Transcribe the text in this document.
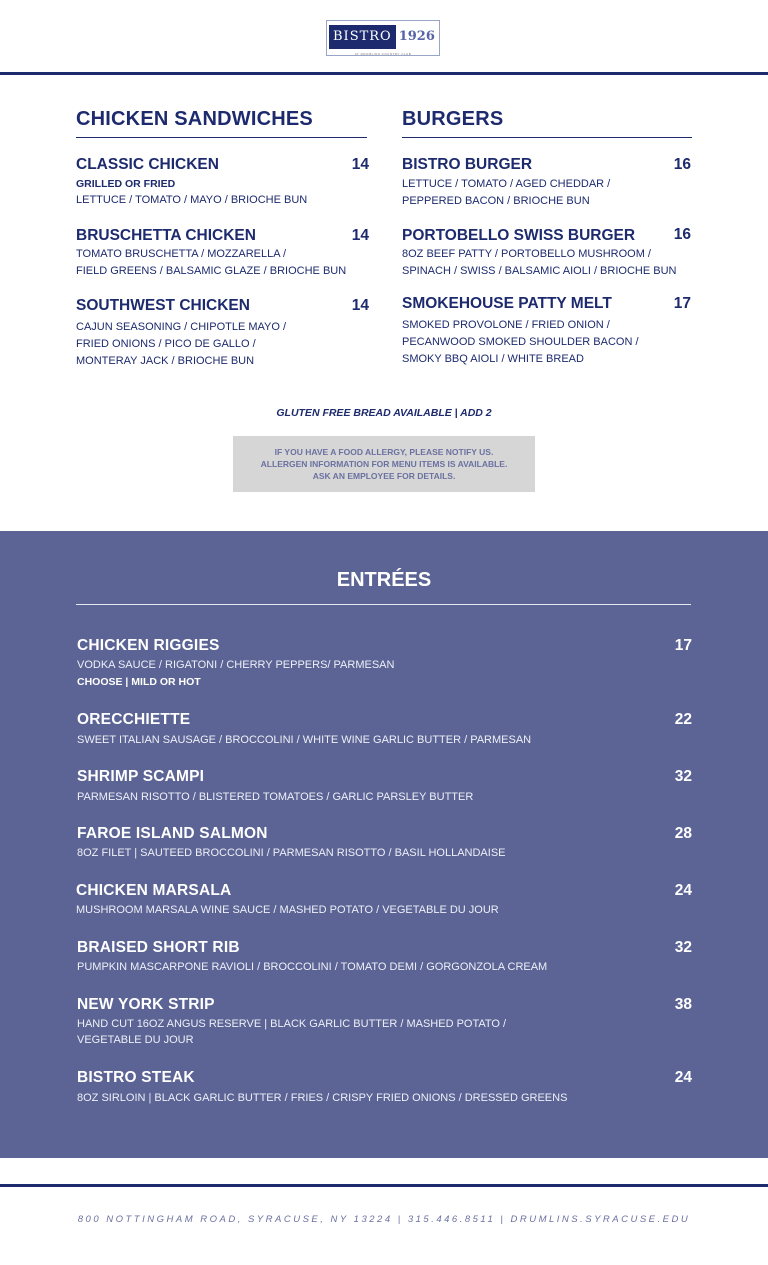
BISTRO 1926
AT DRUMLINS COUNTRY CLUB
CHICKEN SANDWICHES
CLASSIC CHICKEN	14
GRILLED OR FRIED
LETTUCE / TOMATO / MAYO / BRIOCHE BUN
BRUSCHETTA CHICKEN	14
TOMATO BRUSCHETTA / MOZZARELLA /
FIELD GREENS / BALSAMIC GLAZE / BRIOCHE BUN
SOUTHWEST CHICKEN	14
CAJUN SEASONING / CHIPOTLE MAYO /
FRIED ONIONS / PICO DE GALLO /
MONTERAY JACK / BRIOCHE BUN
BURGERS
BISTRO BURGER	16
LETTUCE / TOMATO / AGED CHEDDAR /
PEPPERED BACON / BRIOCHE BUN
PORTOBELLO SWISS BURGER	16
8OZ BEEF PATTY / PORTOBELLO MUSHROOM /
SPINACH / SWISS / BALSAMIC AIOLI / BRIOCHE BUN
SMOKEHOUSE PATTY MELT	17
SMOKED PROVOLONE / FRIED ONION /
PECANWOOD SMOKED SHOULDER BACON /
SMOKY BBQ AIOLI / WHITE BREAD
GLUTEN FREE BREAD AVAILABLE | ADD 2
IF YOU HAVE A FOOD ALLERGY, PLEASE NOTIFY US.
ALLERGEN INFORMATION FOR MENU ITEMS IS AVAILABLE.
ASK AN EMPLOYEE FOR DETAILS.
ENTRÉES
CHICKEN RIGGIES	17
VODKA SAUCE / RIGATONI / CHERRY PEPPERS/ PARMESAN
CHOOSE | MILD OR HOT
ORECCHIETTE	22
SWEET ITALIAN SAUSAGE / BROCCOLINI / WHITE WINE GARLIC BUTTER / PARMESAN
SHRIMP SCAMPI	32
PARMESAN RISOTTO / BLISTERED TOMATOES / GARLIC PARSLEY BUTTER
FAROE ISLAND SALMON	28
8OZ FILET | SAUTEED BROCCOLINI / PARMESAN RISOTTO / BASIL HOLLANDAISE
CHICKEN MARSALA	24
MUSHROOM MARSALA WINE SAUCE / MASHED POTATO / VEGETABLE DU JOUR
BRAISED SHORT RIB	32
PUMPKIN MASCARPONE RAVIOLI / BROCCOLINI / TOMATO DEMI / GORGONZOLA CREAM
NEW YORK STRIP	38
HAND CUT 16OZ ANGUS RESERVE | BLACK GARLIC BUTTER / MASHED POTATO /
VEGETABLE DU JOUR
BISTRO STEAK	24
8OZ SIRLOIN | BLACK GARLIC BUTTER / FRIES / CRISPY FRIED ONIONS / DRESSED GREENS
800 NOTTINGHAM ROAD, SYRACUSE, NY 13224 | 315.446.8511 | DRUMLINS.SYRACUSE.EDU
